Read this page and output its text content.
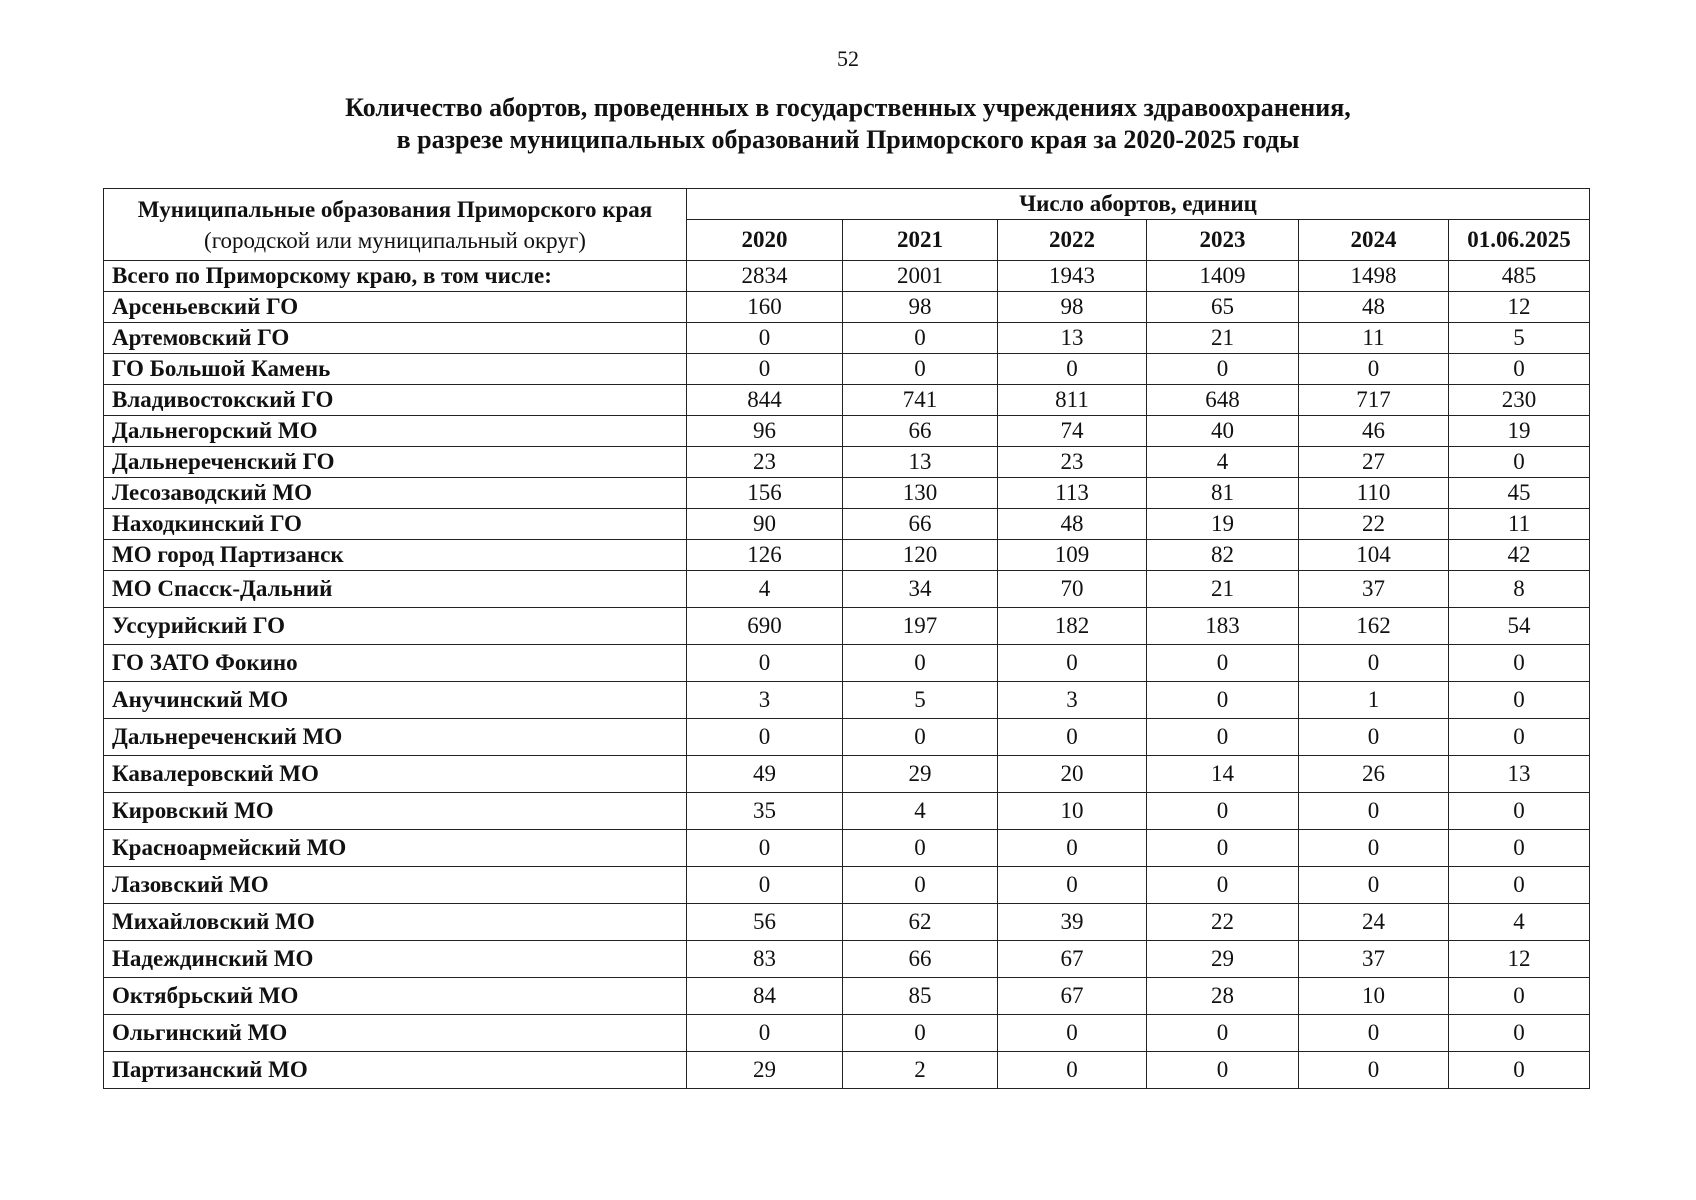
52
Количество абортов, проведенных в государственных учреждениях здравоохранения,
в разрезе муниципальных образований Приморского края за 2020-2025 годы
Муниципальные образования Приморского края
(городской или муниципальный округ)	Число абортов, единиц					
	2020	2021	2022	2023	2024	01.06.2025
Всего по Приморскому краю, в том числе:	2834	2001	1943	1409	1498	485
Арсеньевский ГО	160	98	98	65	48	12
Артемовский ГО	0	0	13	21	11	5
ГО Большой Камень	0	0	0	0	0	0
Владивостокский ГО	844	741	811	648	717	230
Дальнегорский МО	96	66	74	40	46	19
Дальнереченский ГО	23	13	23	4	27	0
Лесозаводский МО	156	130	113	81	110	45
Находкинский ГО	90	66	48	19	22	11
МО город Партизанск	126	120	109	82	104	42
МО Спасск-Дальний	4	34	70	21	37	8
Уссурийский ГО	690	197	182	183	162	54
ГО ЗАТО Фокино	0	0	0	0	0	0
Анучинский МО	3	5	3	0	1	0
Дальнереченский МО	0	0	0	0	0	0
Кавалеровский МО	49	29	20	14	26	13
Кировский МО	35	4	10	0	0	0
Красноармейский МО	0	0	0	0	0	0
Лазовский МО	0	0	0	0	0	0
Михайловский МО	56	62	39	22	24	4
Надеждинский МО	83	66	67	29	37	12
Октябрьский МО	84	85	67	28	10	0
Ольгинский МО	0	0	0	0	0	0
Партизанский МО	29	2	0	0	0	0
